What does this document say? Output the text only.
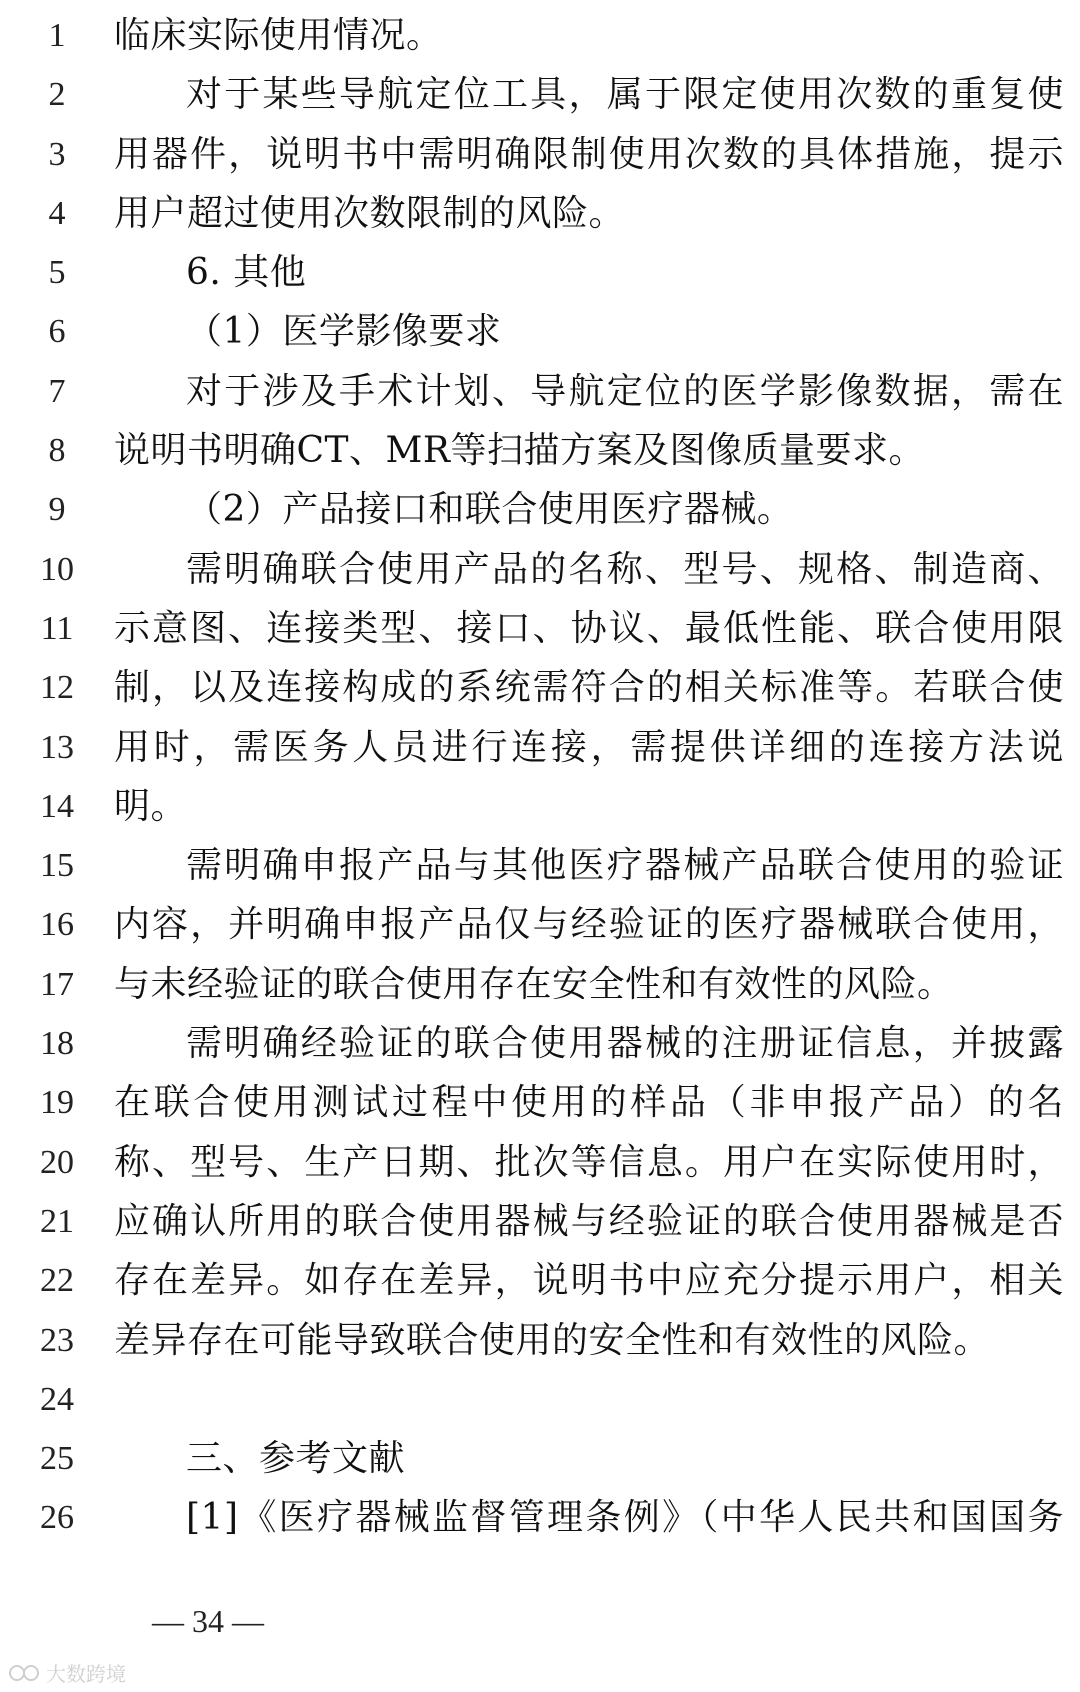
1	临床实际使用情况。
2	对于某些导航定位工具，属于限定使用次数的重复使
3	用器件，说明书中需明确限制使用次数的具体措施，提示
4	用户超过使用次数限制的风险。
5	6. 其他
6	（1）医学影像要求
7	对于涉及手术计划、导航定位的医学影像数据，需在
8	说明书明确CT、MR等扫描方案及图像质量要求。
9	（2）产品接口和联合使用医疗器械。
10	需明确联合使用产品的名称、型号、规格、制造商、
11	示意图、连接类型、接口、协议、最低性能、联合使用限
12	制，以及连接构成的系统需符合的相关标准等。若联合使
13	用时，需医务人员进行连接，需提供详细的连接方法说
14	明。
15	需明确申报产品与其他医疗器械产品联合使用的验证
16	内容，并明确申报产品仅与经验证的医疗器械联合使用，
17	与未经验证的联合使用存在安全性和有效性的风险。
18	需明确经验证的联合使用器械的注册证信息，并披露
19	在联合使用测试过程中使用的样品（非申报产品）的名
20	称、型号、生产日期、批次等信息。用户在实际使用时，
21	应确认所用的联合使用器械与经验证的联合使用器械是否
22	存在差异。如存在差异，说明书中应充分提示用户，相关
23	差异存在可能导致联合使用的安全性和有效性的风险。
24
25	三、参考文献
26	[1]《医疗器械监督管理条例》（中华人民共和国国务
— 34 —
大数跨境
